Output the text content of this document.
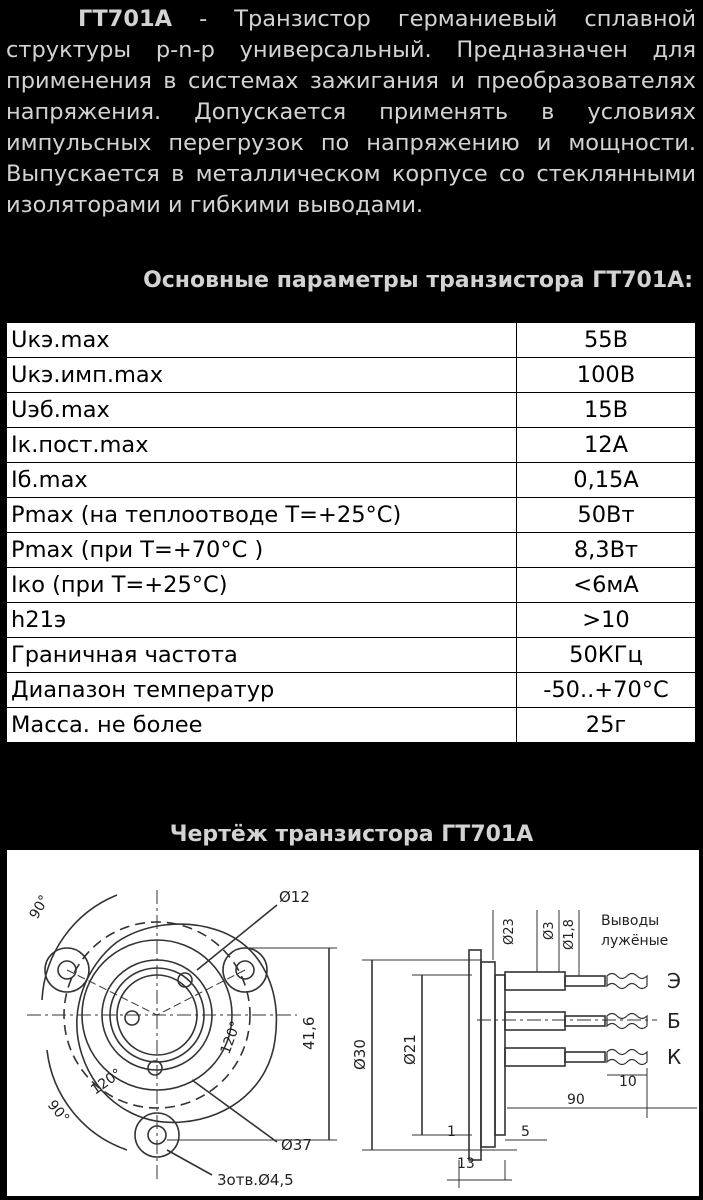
ГТ701А - Транзистор германиевый сплавной структуры p-n-p универсальный. Предназначен для применения в системах зажигания и преобразователях напряжения. Допускается применять в условиях импульсных перегрузок по напряжению и мощности. Выпускается в металлическом корпусе со стеклянными изоляторами и гибкими выводами.

Основные параметры транзистора ГТ701А:
Uкэ.max	55В
Uкэ.имп.max	100В
Uэб.max	15В
Iк.пост.max	12А
Iб.max	0,15А
Pmax (на теплоотводе T=+25°С)	50Вт
Pmax (при T=+70°С )	8,3Вт
Iко (при T=+25°С)	<6мА
h21э	>10
Граничная частота	50КГц
Диапазон температур	-50..+70°С
Масса. не более	25г
Чертёж транзистора ГТ701А
90°
90°
120°
120°
Ø12
Ø37
41,6
3отв.Ø4,5
Ø30 Ø21
Ø23 Ø3 Ø1,8 Выводы
лужёные
Э
Б
К
10
90
5
1
13
